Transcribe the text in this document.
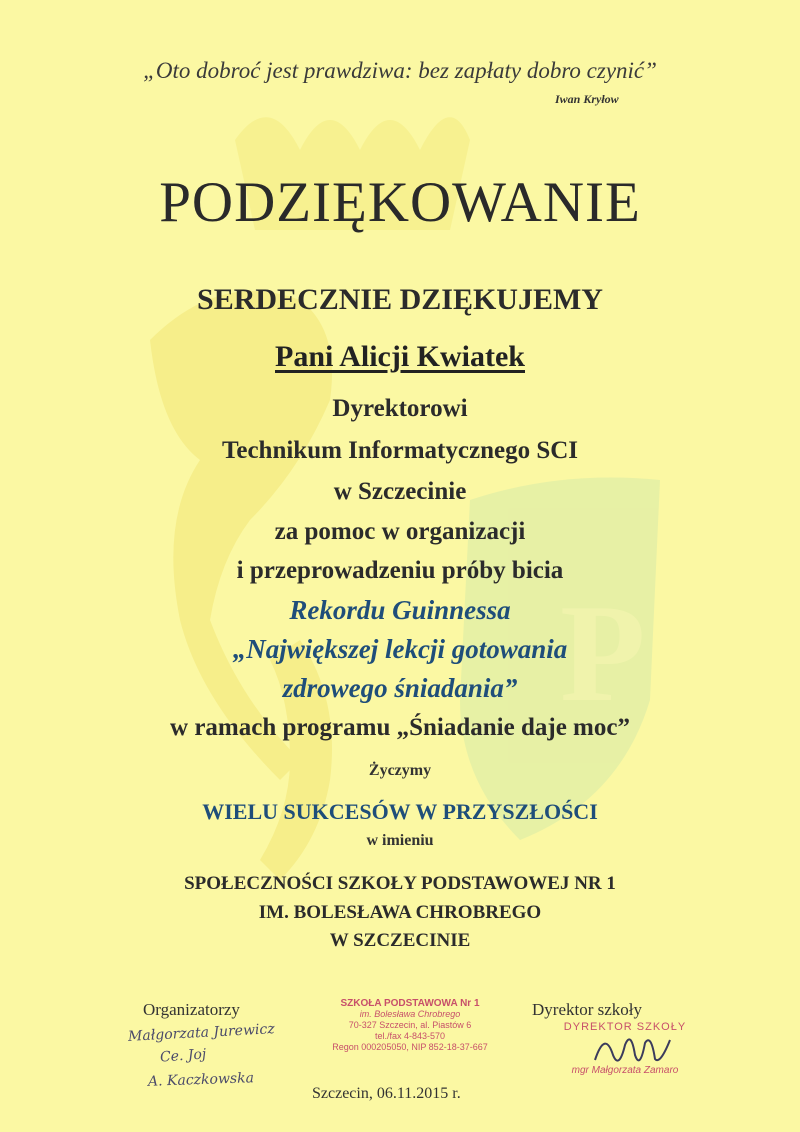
P
„Oto dobroć jest prawdziwa: bez zapłaty dobro czynić”
Iwan Kryłow
PODZIĘKOWANIE
SERDECZNIE DZIĘKUJEMY
Pani Alicji Kwiatek
Dyrektorowi
Technikum Informatycznego SCI
w Szczecinie
za pomoc w organizacji
i przeprowadzeniu próby bicia
Rekordu Guinnessa
„Największej lekcji gotowania
zdrowego śniadania”
w ramach programu „Śniadanie daje moc”
Życzymy
WIELU SUKCESÓW W PRZYSZŁOŚCI
w imieniu
SPOŁECZNOŚCI SZKOŁY PODSTAWOWEJ NR 1
IM. BOLESŁAWA CHROBREGO
W SZCZECINIE
Organizatorzy
Małgorzata Jurewicz
Ce. Joj
A. Kaczkowska
SZKOŁA PODSTAWOWA Nr 1
im. Bolesława Chrobrego
70-327 Szczecin, al. Piastów 6
tel./fax 4-843-570
Regon 000205050, NIP 852-18-37-667
Dyrektor szkoły
DYREKTOR SZKOŁY
mgr Małgorzata Zamaro
Szczecin, 06.11.2015 r.
